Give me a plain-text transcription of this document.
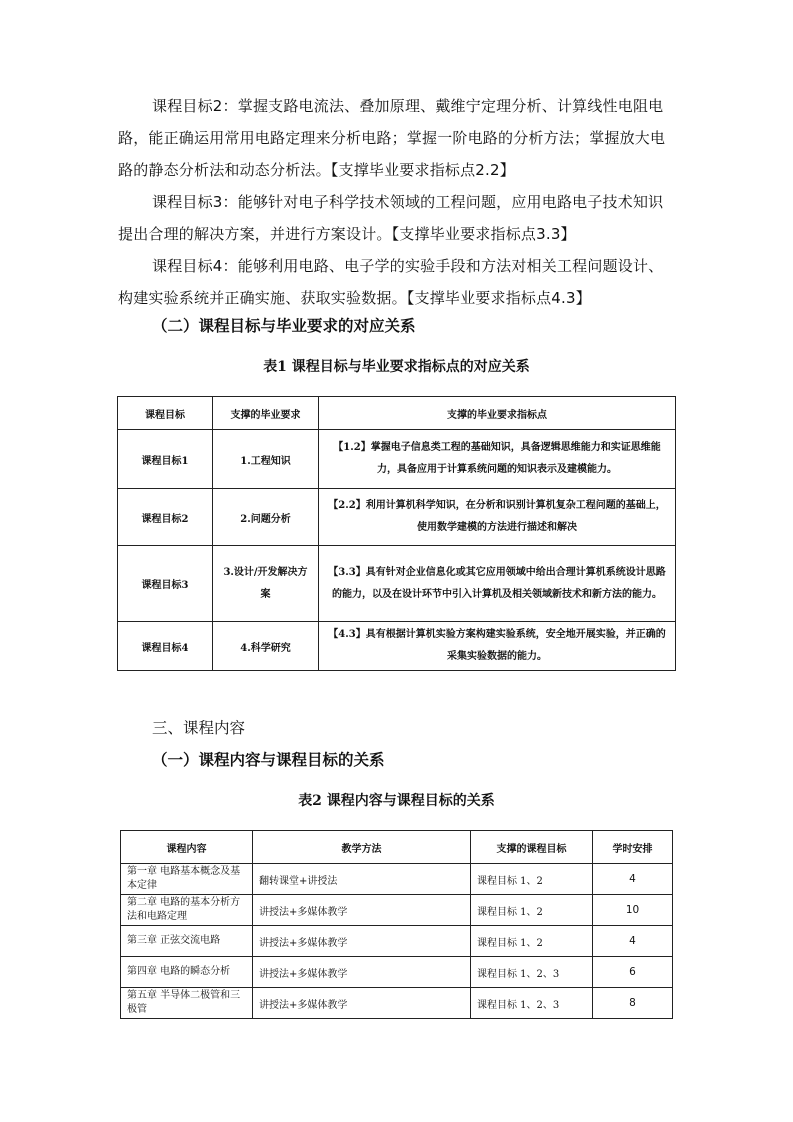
课程目标2：掌握支路电流法、叠加原理、戴维宁定理分析、计算线性电阻电路，能正确运用常用电路定理来分析电路；掌握一阶电路的分析方法；掌握放大电路的静态分析法和动态分析法。【支撑毕业要求指标点2.2】

课程目标3：能够针对电子科学技术领域的工程问题，应用电路电子技术知识提出合理的解决方案，并进行方案设计。【支撑毕业要求指标点3.3】

课程目标4：能够利用电路、电子学的实验手段和方法对相关工程问题设计、构建实验系统并正确实施、获取实验数据。【支撑毕业要求指标点4.3】

（二）课程目标与毕业要求的对应关系

表1 课程目标与毕业要求指标点的对应关系

课程目标	支撑的毕业要求	支撑的毕业要求指标点
课程目标1	1.工程知识	【1.2】掌握电子信息类工程的基础知识，具备逻辑思维能力和实证思维能力，具备应用于计算系统问题的知识表示及建模能力。
课程目标2	2.问题分析	【2.2】利用计算机科学知识，在分析和识别计算机复杂工程问题的基础上，使用数学建模的方法进行描述和解决
课程目标3	3.设计/开发解决方案	【3.3】具有针对企业信息化或其它应用领域中给出合理计算机系统设计思路的能力，以及在设计环节中引入计算机及相关领域新技术和新方法的能力。
课程目标4	4.科学研究	【4.3】具有根据计算机实验方案构建实验系统，安全地开展实验，并正确的采集实验数据的能力。

三、课程内容

（一）课程内容与课程目标的关系

表2 课程内容与课程目标的关系

课程内容	教学方法	支撑的课程目标	学时安排
第一章 电路基本概念及基本定律	翻转课堂+讲授法	课程目标 1、2	4
第二章 电路的基本分析方法和电路定理	讲授法+多媒体教学	课程目标 1、2	10
第三章 正弦交流电路	讲授法+多媒体教学	课程目标 1、2	4
第四章 电路的瞬态分析	讲授法+多媒体教学	课程目标 1、2、3	6
第五章 半导体二极管和三极管	讲授法+多媒体教学	课程目标 1、2、3	8
